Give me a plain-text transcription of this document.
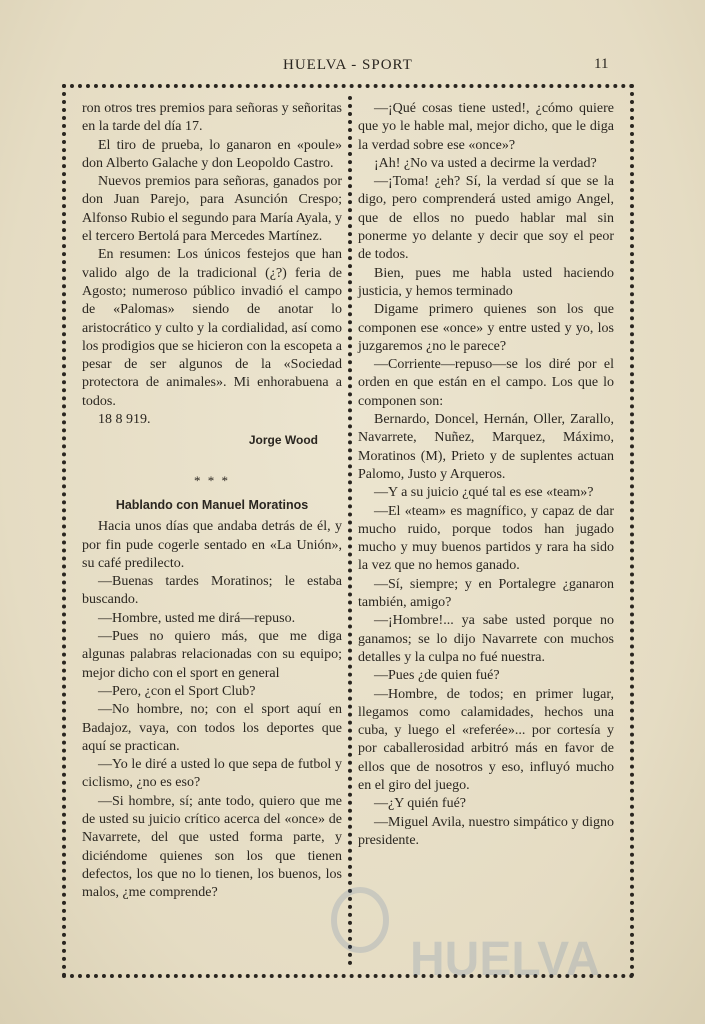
HUELVA - SPORT	11

ron otros tres premios para señoras y señoritas en la tarde del día 17.

El tiro de prueba, lo ganaron en «poule» don Alberto Galache y don Leopoldo Castro.

Nuevos premios para señoras, ganados por don Juan Parejo, para Asunción Crespo; Alfonso Rubio el segundo para María Ayala, y el tercero Bertolá para Mercedes Martínez.

En resumen: Los únicos festejos que han valido algo de la tradicional (¿?) feria de Agosto; numeroso público invadió el campo de «Palomas» siendo de anotar lo aristocrático y culto y la cordialidad, así como los prodigios que se hicieron con la escopeta a pesar de ser algunos de la «Sociedad protectora de animales». Mi enhorabuena a todos.

18 8 919.

Jorge Wood
* * *
Hablando con Manuel Moratinos

Hacia unos días que andaba detrás de él, y por fin pude cogerle sentado en «La Unión», su café predilecto.

—Buenas tardes Moratinos; le estaba buscando.

—Hombre, usted me dirá—repuso.

—Pues no quiero más, que me diga algunas palabras relacionadas con su equipo; mejor dicho con el sport en general

—Pero, ¿con el Sport Club?

—No hombre, no; con el sport aquí en Badajoz, vaya, con todos los deportes que aquí se practican.

—Yo le diré a usted lo que sepa de futbol y ciclismo, ¿no es eso?

—Si hombre, sí; ante todo, quiero que me de usted su juicio crítico acerca del «once» de Navarrete, del que usted forma parte, y diciéndome quienes son los que tienen defectos, los que no lo tienen, los buenos, los malos, ¿me comprende?

—¡Qué cosas tiene usted!, ¿cómo quiere que yo le hable mal, mejor dicho, que le diga la verdad sobre ese «once»?

¡Ah! ¿No va usted a decirme la verdad?

—¡Toma! ¿eh? Sí, la verdad sí que se la digo, pero comprenderá usted amigo Angel, que de ellos no puedo hablar mal sin ponerme yo delante y decir que soy el peor de todos.

Bien, pues me habla usted haciendo justicia, y hemos terminado

Digame primero quienes son los que componen ese «once» y entre usted y yo, los juzgaremos ¿no le parece?

—Corriente—repuso—se los diré por el orden en que están en el campo. Los que lo componen son:

Bernardo, Doncel, Hernán, Oller, Zarallo, Navarrete, Nuñez, Marquez, Máximo, Moratinos (M), Prieto y de suplentes actuan Palomo, Justo y Arqueros.

—Y a su juicio ¿qué tal es ese «team»?

—El «team» es magnífico, y capaz de dar mucho ruido, porque todos han jugado mucho y muy buenos partidos y rara ha sido la vez que no hemos ganado.

—Sí, siempre; y en Portalegre ¿ganaron también, amigo?

—¡Hombre!... ya sabe usted porque no ganamos; se lo dijo Navarrete con muchos detalles y la culpa no fué nuestra.

—Pues ¿de quien fué?

—Hombre, de todos; en primer lugar, llegamos como calamidades, hechos una cuba, y luego el «referée»... por cortesía y por caballerosidad arbitró más en favor de ellos que de nosotros y eso, influyó mucho en el giro del juego.

—¿Y quién fué?

—Miguel Avila, nuestro simpático y digno presidente.

HUELVA
